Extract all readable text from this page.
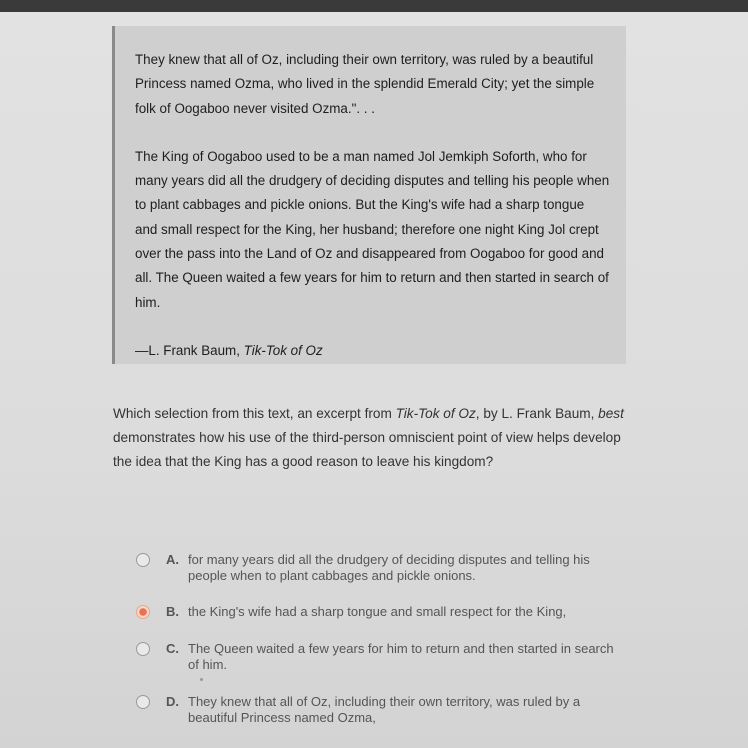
They knew that all of Oz, including their own territory, was ruled by a beautiful Princess named Ozma, who lived in the splendid Emerald City; yet the simple folk of Oogaboo never visited Ozma.". . .

The King of Oogaboo used to be a man named Jol Jemkiph Soforth, who for many years did all the drudgery of deciding disputes and telling his people when to plant cabbages and pickle onions. But the King's wife had a sharp tongue and small respect for the King, her husband; therefore one night King Jol crept over the pass into the Land of Oz and disappeared from Oogaboo for good and all. The Queen waited a few years for him to return and then started in search of him.

—L. Frank Baum, Tik-Tok of Oz
Which selection from this text, an excerpt from Tik-Tok of Oz, by L. Frank Baum, best demonstrates how his use of the third-person omniscient point of view helps develop the idea that the King has a good reason to leave his kingdom?
A. for many years did all the drudgery of deciding disputes and telling his people when to plant cabbages and pickle onions.
B. the King's wife had a sharp tongue and small respect for the King,
C. The Queen waited a few years for him to return and then started in search of him.
D. They knew that all of Oz, including their own territory, was ruled by a beautiful Princess named Ozma,
